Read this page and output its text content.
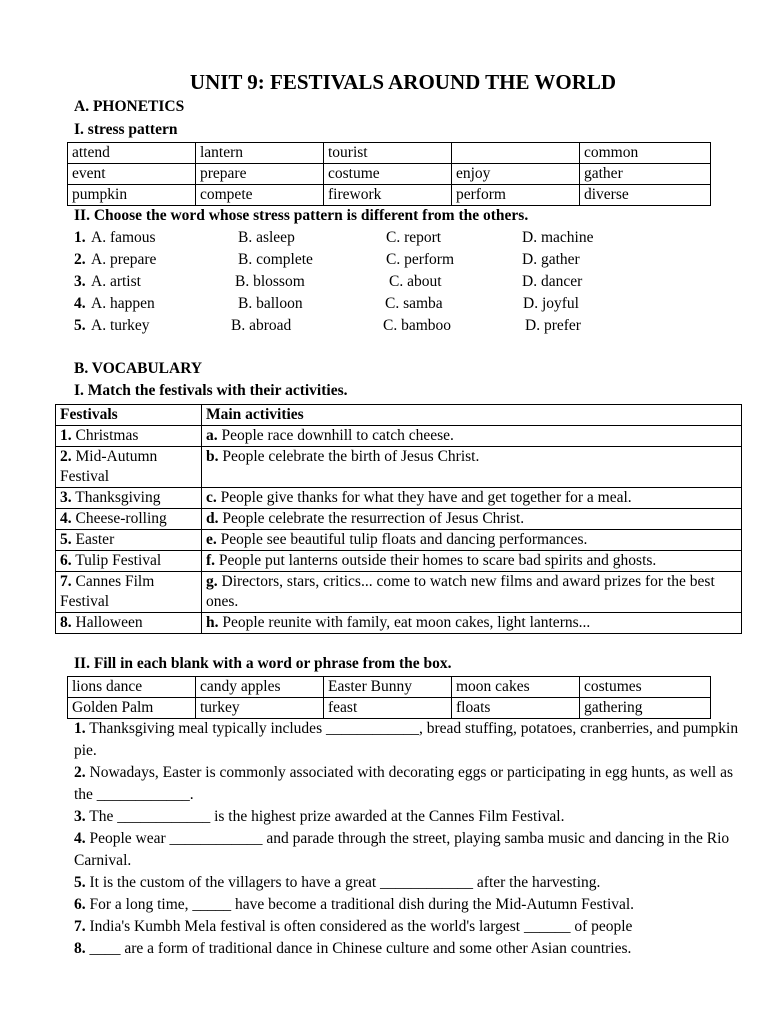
UNIT 9: FESTIVALS AROUND THE WORLD

A. PHONETICS

I. stress pattern

attend	lantern	tourist		common
event	prepare	costume	enjoy	gather
pumpkin	compete	firework	perform	diverse

II. Choose the word whose stress pattern is different from the others.

1. A. famous	B. asleep	C. report	D. machine
2. A. prepare	B. complete	C. perform	D. gather
3. A. artist	B. blossom	C. about	D. dancer
4. A. happen	B. balloon	C. samba	D. joyful
5. A. turkey	B. abroad	C. bamboo	D. prefer

B. VOCABULARY

I. Match the festivals with their activities.

Festivals	Main activities
1. Christmas	a. People race downhill to catch cheese.
2. Mid-Autumn Festival	b. People celebrate the birth of Jesus Christ.
3. Thanksgiving	c. People give thanks for what they have and get together for a meal.
4. Cheese-rolling	d. People celebrate the resurrection of Jesus Christ.
5. Easter	e. People see beautiful tulip floats and dancing performances.
6. Tulip Festival	f. People put lanterns outside their homes to scare bad spirits and ghosts.
7. Cannes Film Festival	g. Directors, stars, critics... come to watch new films and award prizes for the best ones.
8. Halloween	h. People reunite with family, eat moon cakes, light lanterns...

II. Fill in each blank with a word or phrase from the box.

lions dance	candy apples	Easter Bunny	moon cakes	costumes
Golden Palm	turkey	feast	floats	gathering

1. Thanksgiving meal typically includes ____________, bread stuffing, potatoes, cranberries, and pumpkin pie.

2. Nowadays, Easter is commonly associated with decorating eggs or participating in egg hunts, as well as the ____________.

3. The ____________ is the highest prize awarded at the Cannes Film Festival.

4. People wear ____________ and parade through the street, playing samba music and dancing in the Rio Carnival.

5. It is the custom of the villagers to have a great ____________ after the harvesting.

6. For a long time, _____ have become a traditional dish during the Mid-Autumn Festival.

7. India's Kumbh Mela festival is often considered as the world's largest ______ of people

8. ____ are a form of traditional dance in Chinese culture and some other Asian countries.
